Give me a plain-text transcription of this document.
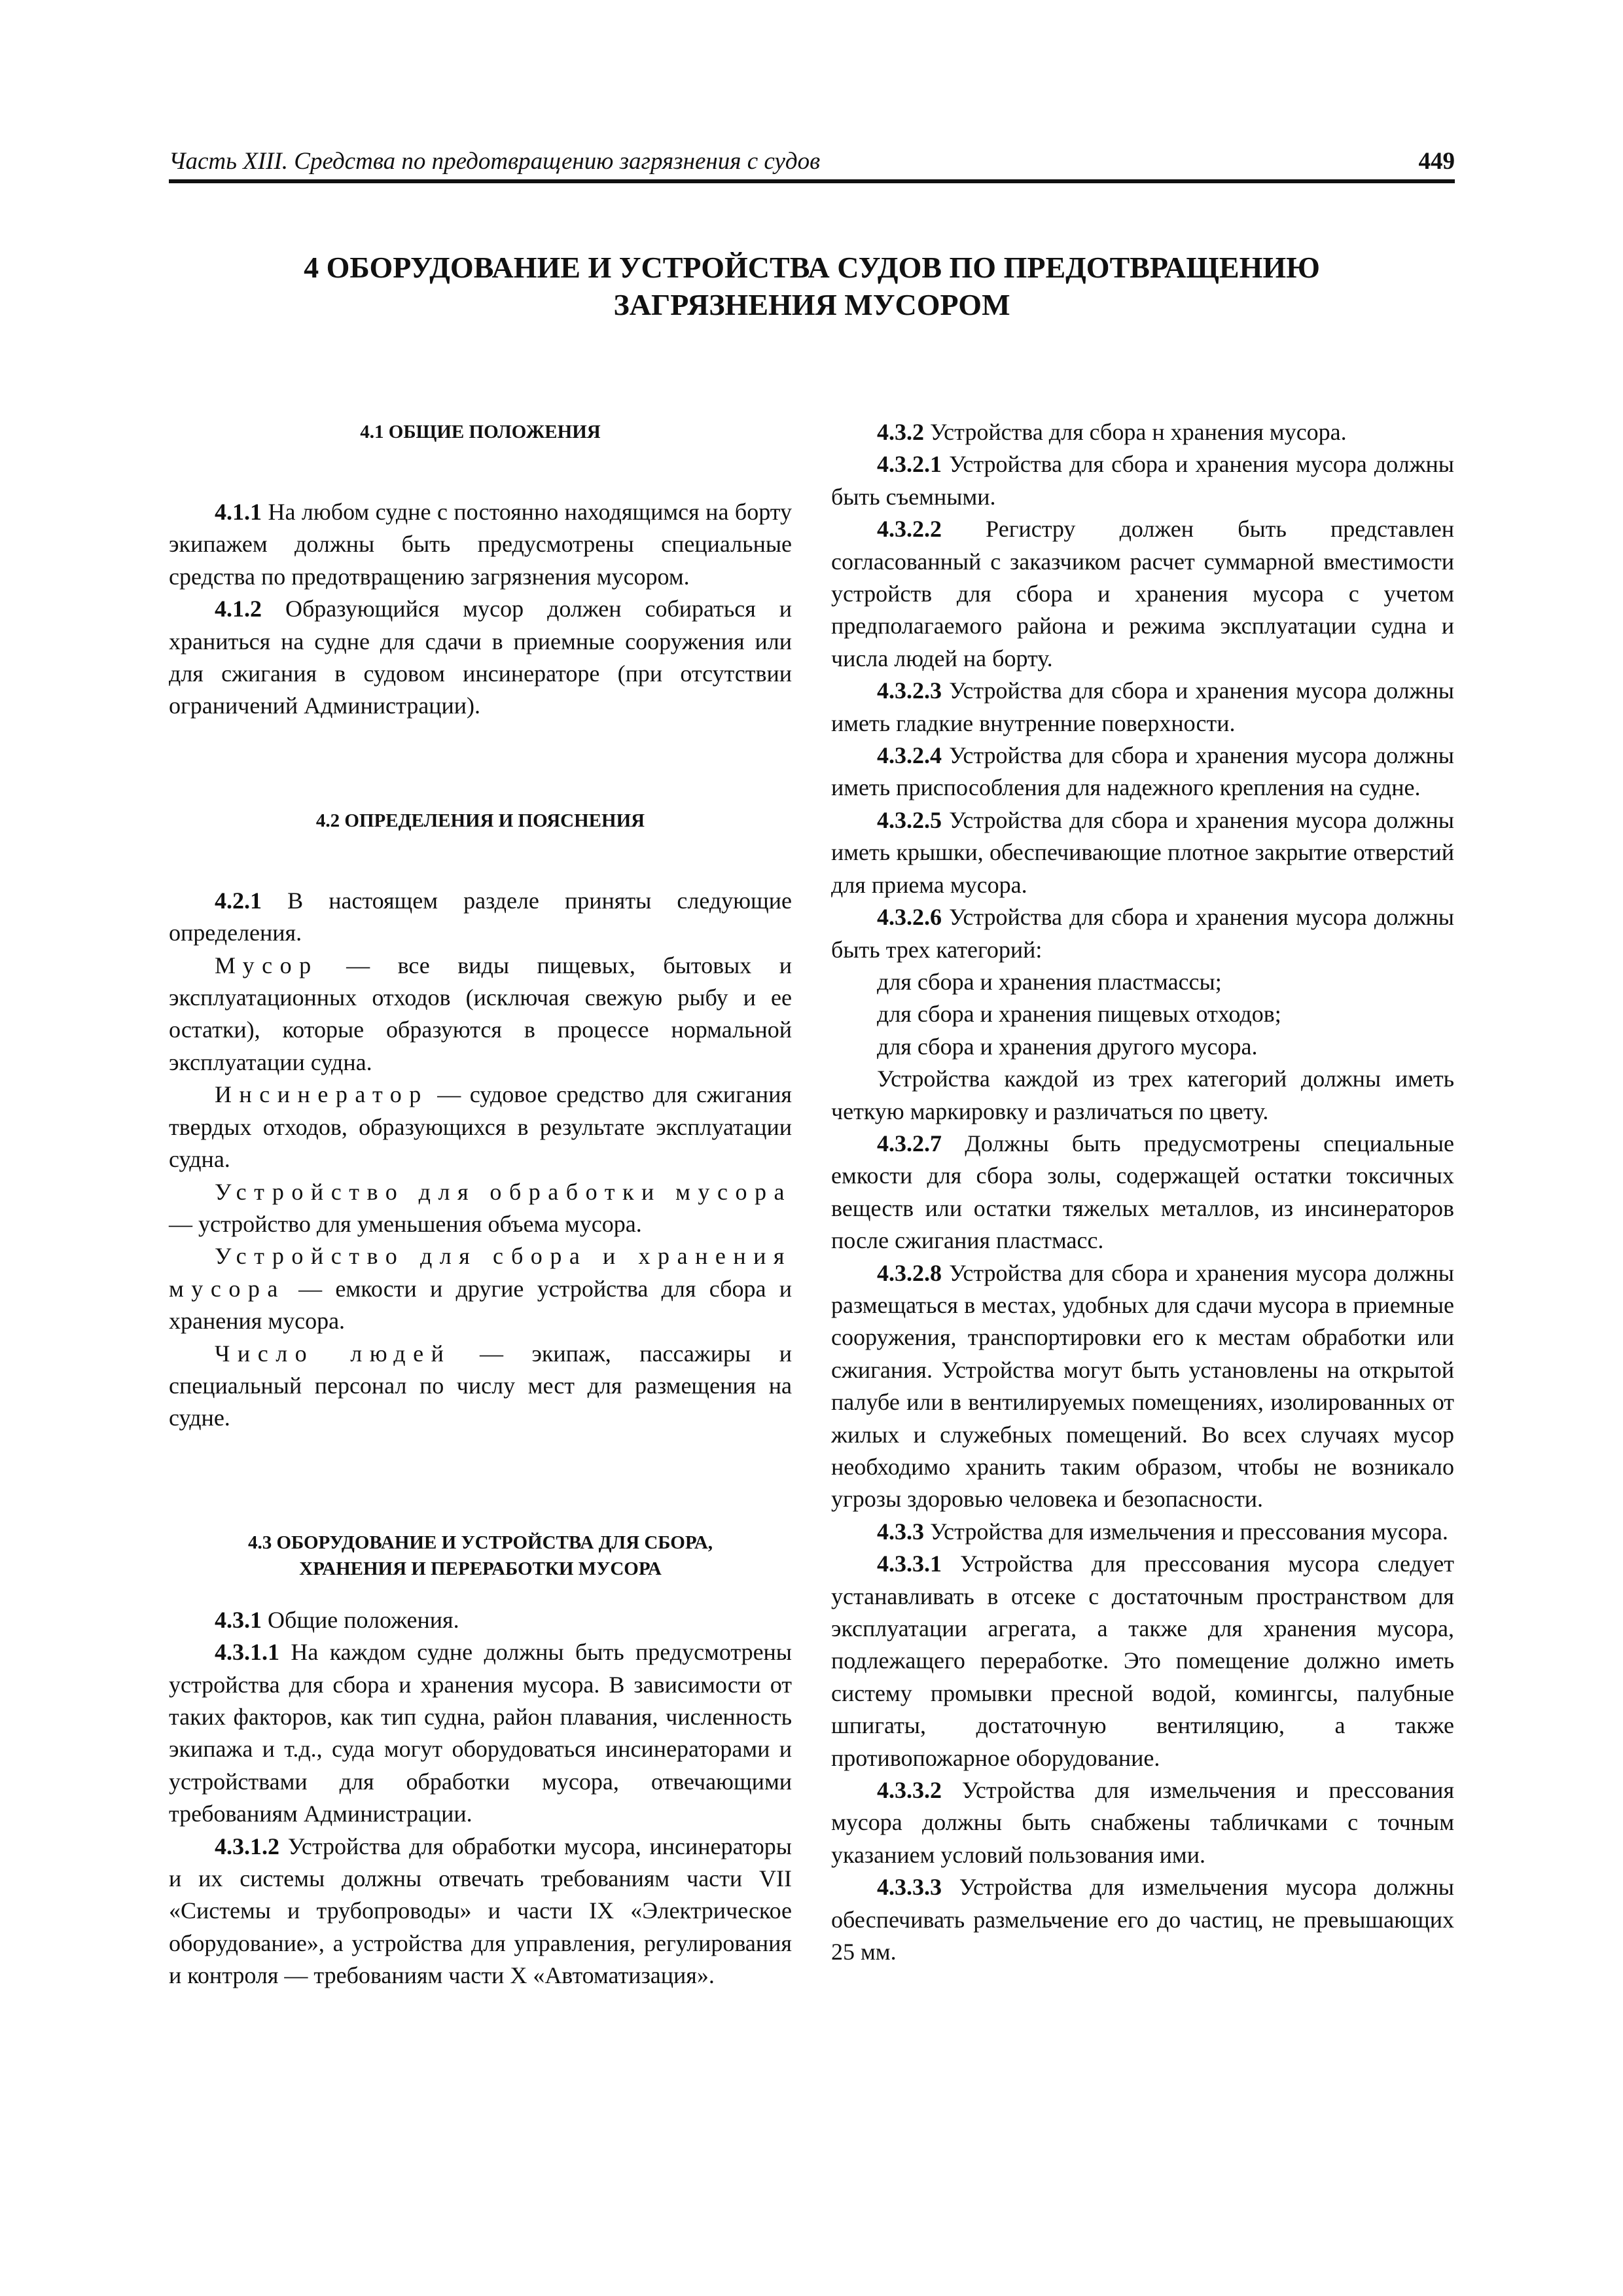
Часть XIII. Средства по предотвращению загрязнения с судов	449
4 ОБОРУДОВАНИЕ И УСТРОЙСТВА СУДОВ ПО ПРЕДОТВРАЩЕНИЮ
ЗАГРЯЗНЕНИЯ МУСОРОМ
4.1 ОБЩИЕ ПОЛОЖЕНИЯ
4.1.1 На любом судне с постоянно находящимся на борту экипажем должны быть предусмотрены специальные средства по предотвращению загрязнения мусором.
4.1.2 Образующийся мусор должен собираться и храниться на судне для сдачи в приемные сооружения или для сжигания в судовом инсинераторе (при отсутствии ограничений Администрации).
4.2 ОПРЕДЕЛЕНИЯ И ПОЯСНЕНИЯ
4.2.1 В настоящем разделе приняты следующие определения.
Мусор — все виды пищевых, бытовых и эксплуатационных отходов (исключая свежую рыбу и ее остатки), которые образуются в процессе нормальной эксплуатации судна.
Инсинератор — судовое средство для сжигания твердых отходов, образующихся в результате эксплуатации судна.
Устройство для обработки мусора — устройство для уменьшения объема мусора.
Устройство для сбора и хранения мусора — емкости и другие устройства для сбора и хранения мусора.
Число людей — экипаж, пассажиры и специальный персонал по числу мест для размещения на судне.
4.3 ОБОРУДОВАНИЕ И УСТРОЙСТВА ДЛЯ СБОРА,
ХРАНЕНИЯ И ПЕРЕРАБОТКИ МУСОРА
4.3.1 Общие положения.
4.3.1.1 На каждом судне должны быть предусмотрены устройства для сбора и хранения мусора. В зависимости от таких факторов, как тип судна, район плавания, численность экипажа и т.д., суда могут оборудоваться инсинераторами и устройствами для обработки мусора, отвечающими требованиям Администрации.
4.3.1.2 Устройства для обработки мусора, инсинераторы и их системы должны отвечать требованиям части VII «Системы и трубопроводы» и части IX «Электрическое оборудование», а устройства для управления, регулирования и контроля — требованиям части X «Автоматизация».
4.3.2 Устройства для сбора н хранения мусора.
4.3.2.1 Устройства для сбора и хранения мусора должны быть съемными.
4.3.2.2 Регистру должен быть представлен согласованный с заказчиком расчет суммарной вместимости устройств для сбора и хранения мусора с учетом предполагаемого района и режима эксплуатации судна и числа людей на борту.
4.3.2.3 Устройства для сбора и хранения мусора должны иметь гладкие внутренние поверхности.
4.3.2.4 Устройства для сбора и хранения мусора должны иметь приспособления для надежного крепления на судне.
4.3.2.5 Устройства для сбора и хранения мусора должны иметь крышки, обеспечивающие плотное закрытие отверстий для приема мусора.
4.3.2.6 Устройства для сбора и хранения мусора должны быть трех категорий:
для сбора и хранения пластмассы;
для сбора и хранения пищевых отходов;
для сбора и хранения другого мусора.
Устройства каждой из трех категорий должны иметь четкую маркировку и различаться по цвету.
4.3.2.7 Должны быть предусмотрены специальные емкости для сбора золы, содержащей остатки токсичных веществ или остатки тяжелых металлов, из инсинераторов после сжигания пластмасс.
4.3.2.8 Устройства для сбора и хранения мусора должны размещаться в местах, удобных для сдачи мусора в приемные сооружения, транспортировки его к местам обработки или сжигания. Устройства могут быть установлены на открытой палубе или в вентилируемых помещениях, изолированных от жилых и служебных помещений. Во всех случаях мусор необходимо хранить таким образом, чтобы не возникало угрозы здоровью человека и безопасности.
4.3.3 Устройства для измельчения и прессования мусора.
4.3.3.1 Устройства для прессования мусора следует устанавливать в отсеке с достаточным пространством для эксплуатации агрегата, а также для хранения мусора, подлежащего переработке. Это помещение должно иметь систему промывки пресной водой, комингсы, палубные шпигаты, достаточную вентиляцию, а также противопожарное оборудование.
4.3.3.2 Устройства для измельчения и прессования мусора должны быть снабжены табличками с точным указанием условий пользования ими.
4.3.3.3 Устройства для измельчения мусора должны обеспечивать размельчение его до частиц, не превышающих 25 мм.
